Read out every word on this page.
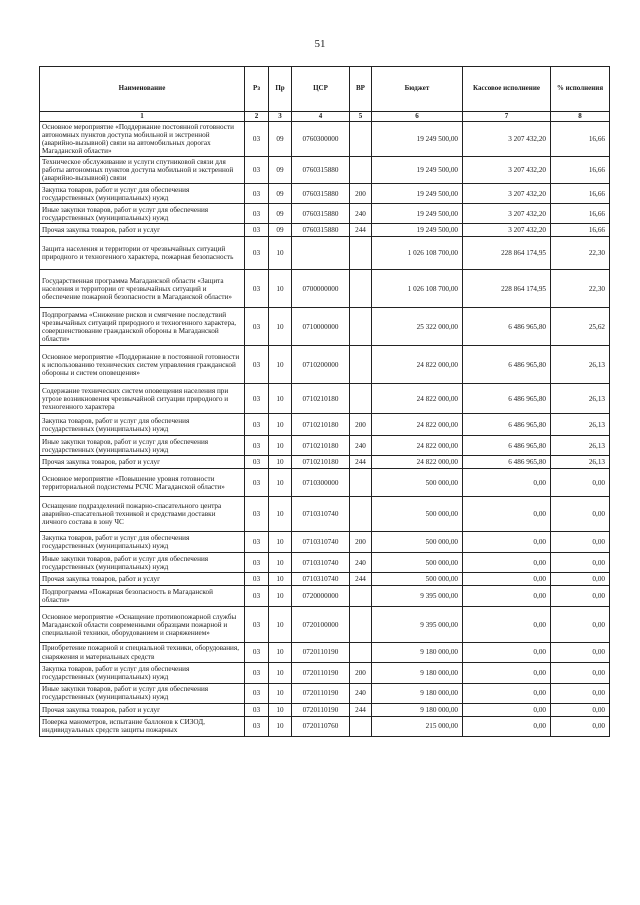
51
Наименование	Рз	Пр	ЦСР	ВР	Бюджет	Кассовое исполнение	% исполнения
1	2	3	4	5	6	7	8
Основное мероприятие «Поддержание постоянной готовности автономных пунктов доступа мобильной и экстренной (аварийно-вызывной) связи на автомобильных дорогах Магаданской области»	03	09	0760300000		19 249 500,00	3 207 432,20	16,66
Техническое обслуживание и услуги спутниковой связи для работы автономных пунктов доступа мобильной и экстренной (аварийно-вызывной) связи	03	09	0760315880		19 249 500,00	3 207 432,20	16,66
Закупка товаров, работ и услуг для обеспечения государственных (муниципальных) нужд	03	09	0760315880	200	19 249 500,00	3 207 432,20	16,66
Иные закупки товаров, работ и услуг для обеспечения государственных (муниципальных) нужд	03	09	0760315880	240	19 249 500,00	3 207 432,20	16,66
Прочая закупка товаров, работ и услуг	03	09	0760315880	244	19 249 500,00	3 207 432,20	16,66
Защита населения и территории от чрезвычайных ситуаций природного и техногенного характера, пожарная безопасность	03	10			1 026 108 700,00	228 864 174,95	22,30
Государственная программа Магаданской области «Защита населения и территории от чрезвычайных ситуаций и обеспечение пожарной безопасности в Магаданской области»	03	10	0700000000		1 026 108 700,00	228 864 174,95	22,30
Подпрограмма «Снижение рисков и смягчение последствий чрезвычайных ситуаций природного и техногенного характера, совершенствование гражданской обороны в Магаданской области»	03	10	0710000000		25 322 000,00	6 486 965,80	25,62
Основное мероприятие «Поддержание в постоянной готовности к использованию технических систем управления гражданской обороны и систем оповещения»	03	10	0710200000		24 822 000,00	6 486 965,80	26,13
Содержание технических систем оповещения населения при угрозе возникновения чрезвычайной ситуации природного и техногенного характера	03	10	0710210180		24 822 000,00	6 486 965,80	26,13
Закупка товаров, работ и услуг для обеспечения государственных (муниципальных) нужд	03	10	0710210180	200	24 822 000,00	6 486 965,80	26,13
Иные закупки товаров, работ и услуг для обеспечения государственных (муниципальных) нужд	03	10	0710210180	240	24 822 000,00	6 486 965,80	26,13
Прочая закупка товаров, работ и услуг	03	10	0710210180	244	24 822 000,00	6 486 965,80	26,13
Основное мероприятие «Повышение уровня готовности территориальной подсистемы РСЧС Магаданской области»	03	10	0710300000		500 000,00	0,00	0,00
Оснащение подразделений пожарно-спасательного центра аварийно-спасательной техникой и средствами доставки личного состава в зону ЧС	03	10	0710310740		500 000,00	0,00	0,00
Закупка товаров, работ и услуг для обеспечения государственных (муниципальных) нужд	03	10	0710310740	200	500 000,00	0,00	0,00
Иные закупки товаров, работ и услуг для обеспечения государственных (муниципальных) нужд	03	10	0710310740	240	500 000,00	0,00	0,00
Прочая закупка товаров, работ и услуг	03	10	0710310740	244	500 000,00	0,00	0,00
Подпрограмма «Пожарная безопасность в Магаданской области»	03	10	0720000000		9 395 000,00	0,00	0,00
Основное мероприятие «Оснащение противопожарной службы Магаданской области современными образцами пожарной и специальной техники, оборудованием и снаряжением»	03	10	0720100000		9 395 000,00	0,00	0,00
Приобретение пожарной и специальной техники, оборудования, снаряжения и материальных средств	03	10	0720110190		9 180 000,00	0,00	0,00
Закупка товаров, работ и услуг для обеспечения государственных (муниципальных) нужд	03	10	0720110190	200	9 180 000,00	0,00	0,00
Иные закупки товаров, работ и услуг для обеспечения государственных (муниципальных) нужд	03	10	0720110190	240	9 180 000,00	0,00	0,00
Прочая закупка товаров, работ и услуг	03	10	0720110190	244	9 180 000,00	0,00	0,00
Поверка манометров, испытание баллонов к СИЗОД, индивидуальных средств защиты пожарных	03	10	0720110760		215 000,00	0,00	0,00
